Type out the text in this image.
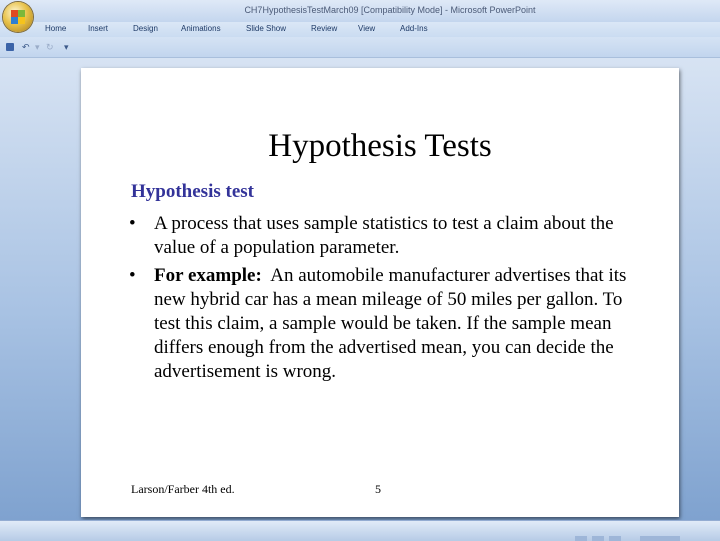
CH7HypothesisTestMarch09 [Compatibility Mode] - Microsoft PowerPoint
Home	Insert	Design	Animations	Slide Show	Review	View	Add-Ins
↶ ▾ ↻ ▾
Hypothesis Tests
Hypothesis test
• A process that uses sample statistics to test a claim about the value of a population parameter.
• For example: An automobile manufacturer advertises that its new hybrid car has a mean mileage of 50 miles per gallon. To test this claim, a sample would be taken. If the sample mean differs enough from the advertised mean, you can decide the advertisement is wrong.
Larson/Farber 4th ed.	5
